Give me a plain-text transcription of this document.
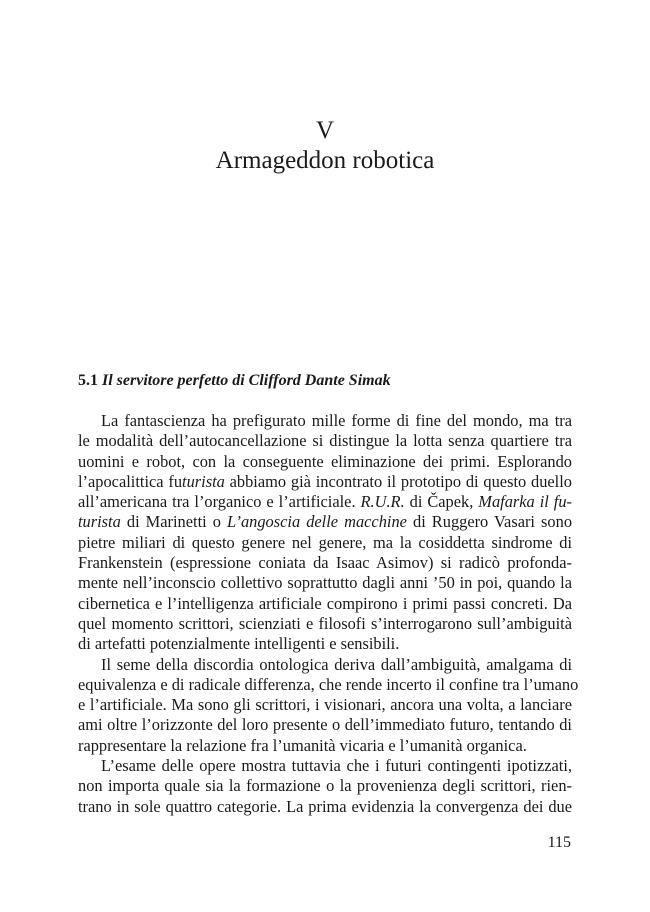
V
Armageddon robotica
5.1 Il servitore perfetto di Clifford Dante Simak
La fantascienza ha prefigurato mille forme di fine del mondo, ma tra
le modalità dell’autocancellazione si distingue la lotta senza quartiere tra
uomini e robot, con la conseguente eliminazione dei primi. Esplorando
l’apocalittica futurista abbiamo già incontrato il prototipo di questo duello
all’americana tra l’organico e l’artificiale. R.U.R. di Čapek, Mafarka il fu-
turista di Marinetti o L’angoscia delle macchine di Ruggero Vasari sono
pietre miliari di questo genere nel genere, ma la cosiddetta sindrome di
Frankenstein (espressione coniata da Isaac Asimov) si radicò profonda-
mente nell’inconscio collettivo soprattutto dagli anni ’50 in poi, quando la
cibernetica e l’intelligenza artificiale compirono i primi passi concreti. Da
quel momento scrittori, scienziati e filosofi s’interrogarono sull’ambiguità
di artefatti potenzialmente intelligenti e sensibili.
Il seme della discordia ontologica deriva dall’ambiguità, amalgama di
equivalenza e di radicale differenza, che rende incerto il confine tra l’umano
e l’artificiale. Ma sono gli scrittori, i visionari, ancora una volta, a lanciare
ami oltre l’orizzonte del loro presente o dell’immediato futuro, tentando di
rappresentare la relazione fra l’umanità vicaria e l’umanità organica.
L’esame delle opere mostra tuttavia che i futuri contingenti ipotizzati,
non importa quale sia la formazione o la provenienza degli scrittori, rien-
trano in sole quattro categorie. La prima evidenzia la convergenza dei due
115
